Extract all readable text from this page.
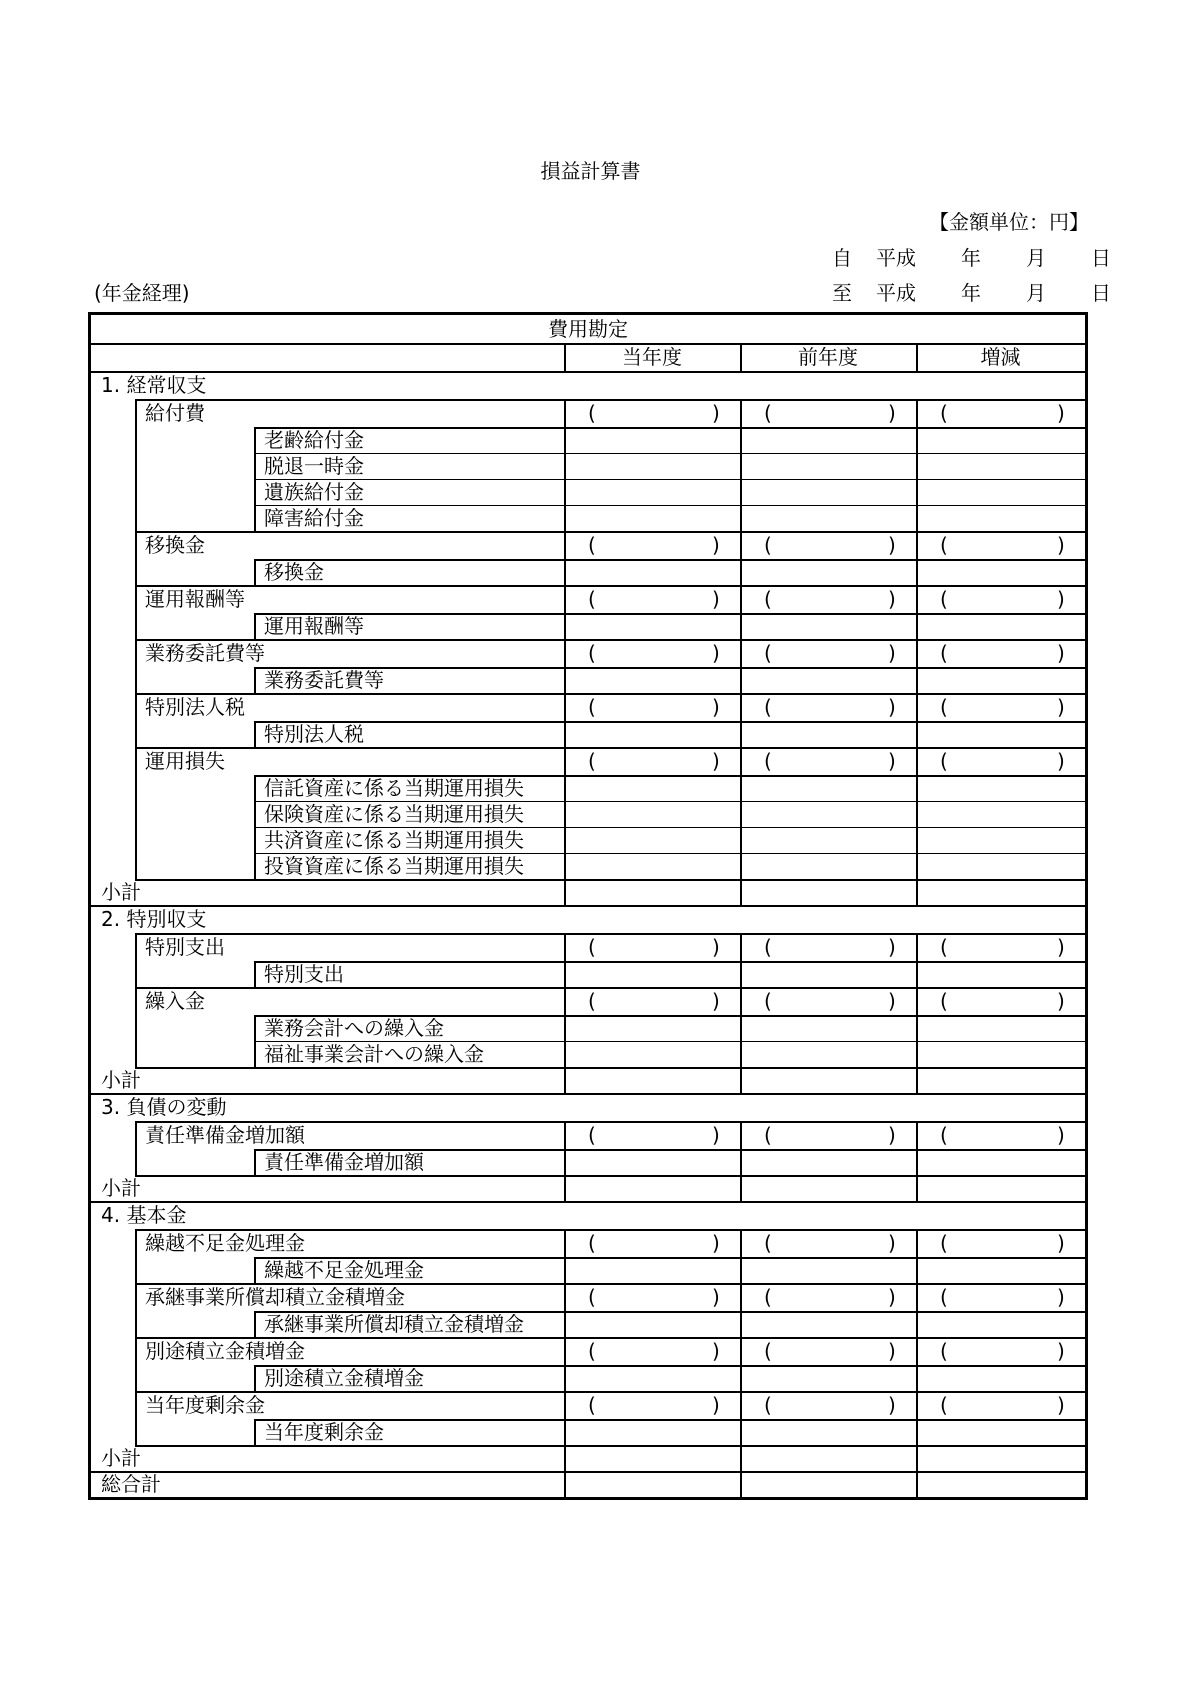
損益計算書
【金額単位：円】
自	平成	年	月	日
至	平成	年	月	日
(年金経理)
費用勘定
当年度	前年度	増減
1. 経常収支
給付費	(	) (	) (	)
老齢給付金
脱退一時金
遺族給付金
障害給付金
移換金	(	) (	) (	)
移換金
運用報酬等	(	) (	) (	)
運用報酬等
業務委託費等	(	) (	) (	)
業務委託費等
特別法人税	(	) (	) (	)
特別法人税
運用損失	(	) (	) (	)
信託資産に係る当期運用損失
保険資産に係る当期運用損失
共済資産に係る当期運用損失
投資資産に係る当期運用損失
小計
2. 特別収支
特別支出	(	) (	) (	)
特別支出
繰入金	(	) (	) (	)
業務会計への繰入金
福祉事業会計への繰入金
小計
3. 負債の変動
責任準備金増加額	(	) (	) (	)
責任準備金増加額
小計
4. 基本金
繰越不足金処理金	(	) (	) (	)
繰越不足金処理金
承継事業所償却積立金積増金	(	) (	) (	)
承継事業所償却積立金積増金
別途積立金積増金	(	) (	) (	)
別途積立金積増金
当年度剰余金	(	) (	) (	)
当年度剰余金
小計
総合計
